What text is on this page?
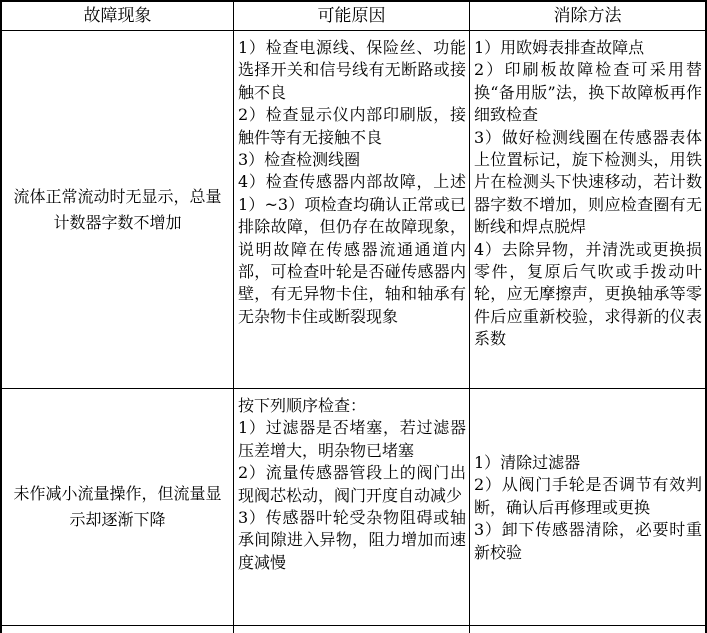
故障现象	可能原因	消除方法
流体正常流动时无显示，总量计数器字数不增加
1）检查电源线、保险丝、功能选择开关和信号线有无断路或接触不良
2）检查显示仪内部印刷版，接触件等有无接触不良
3）检查检测线圈
4）检查传感器内部故障，上述1）~3）项检查均确认正常或已排除故障，但仍存在故障现象，说明故障在传感器流通通道内部，可检查叶轮是否碰传感器内壁，有无异物卡住，轴和轴承有无杂物卡住或断裂现象
1）用欧姆表排查故障点
2）印刷板故障检查可采用替换“备用版”法，换下故障板再作细致检查
3）做好检测线圈在传感器表体上位置标记，旋下检测头，用铁片在检测头下快速移动，若计数器字数不增加，则应检查圈有无断线和焊点脱焊
4）去除异物，并清洗或更换损零件，复原后气吹或手拨动叶轮，应无摩擦声，更换轴承等零件后应重新校验，求得新的仪表系数
未作减小流量操作，但流量显示却逐渐下降
按下列顺序检查：
1）过滤器是否堵塞，若过滤器压差增大，明杂物已堵塞
2）流量传感器管段上的阀门出现阀芯松动，阀门开度自动减少
3）传感器叶轮受杂物阻碍或轴承间隙进入异物，阻力增加而速度减慢
1）清除过滤器
2）从阀门手轮是否调节有效判断，确认后再修理或更换
3）卸下传感器清除，必要时重新校验
